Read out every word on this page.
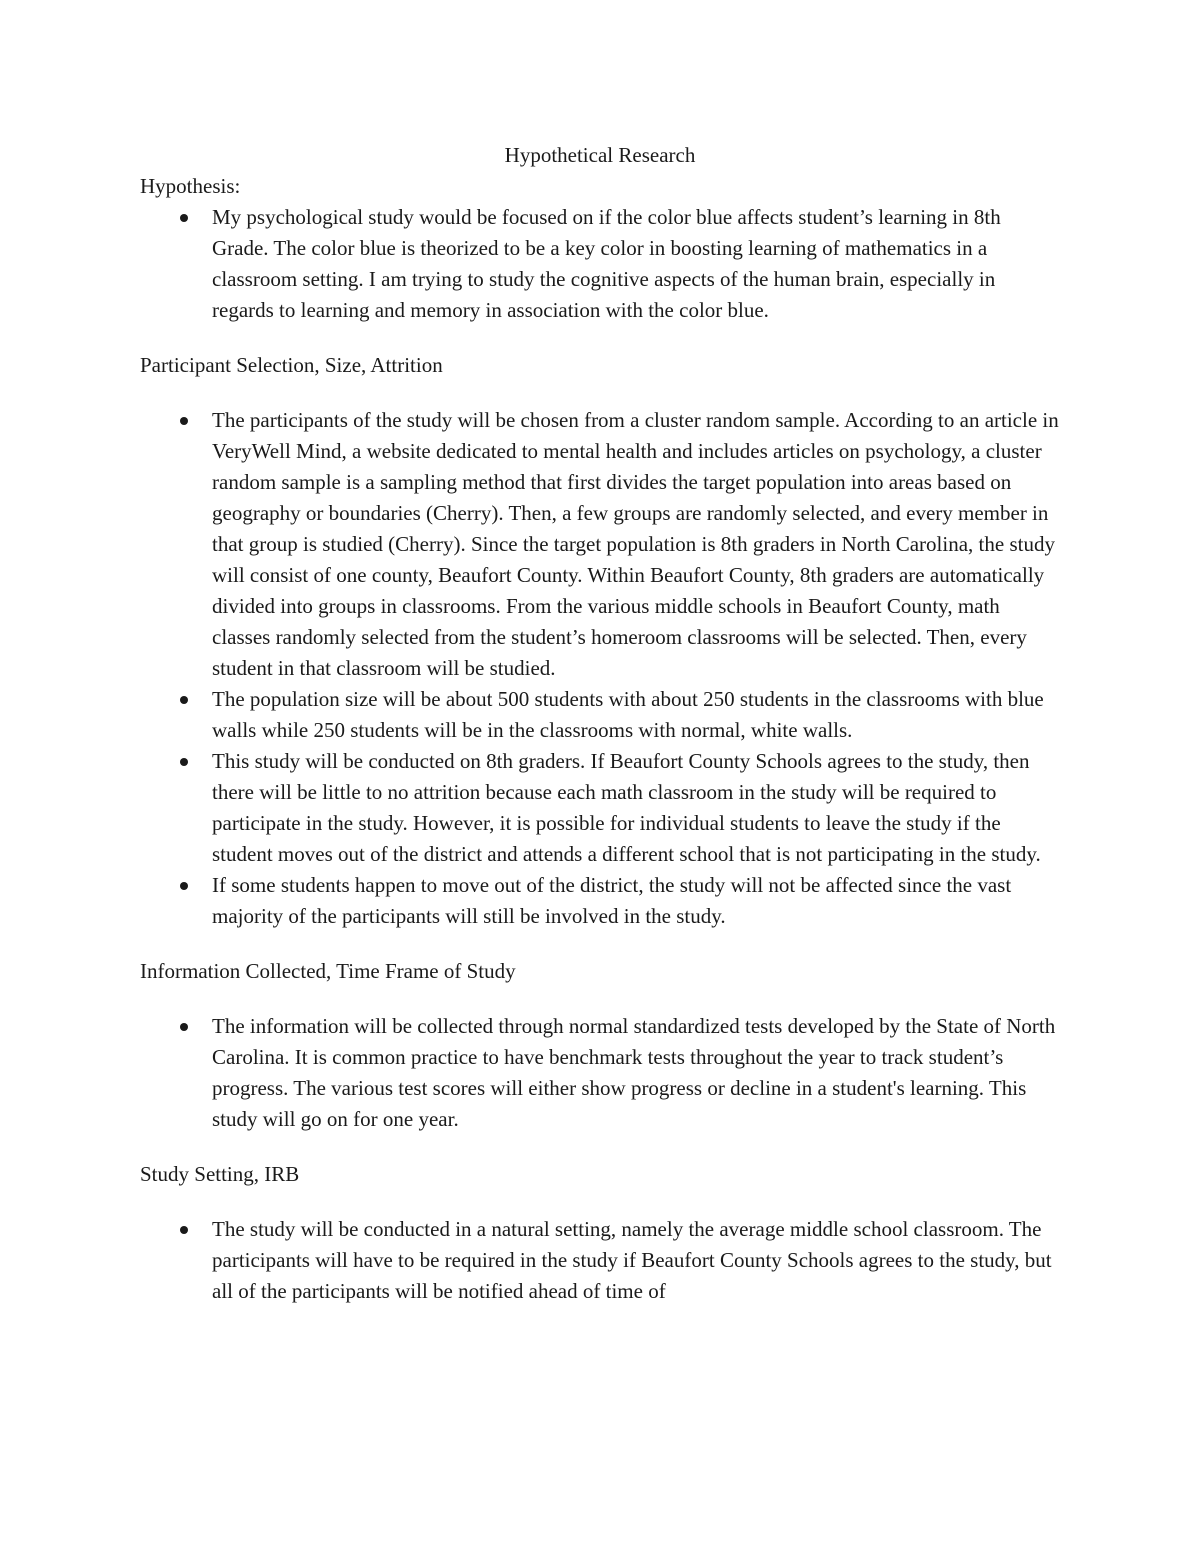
Hypothetical Research

Hypothesis:

My psychological study would be focused on if the color blue affects student’s learning in 8th Grade. The color blue is theorized to be a key color in boosting learning of mathematics in a classroom setting. I am trying to study the cognitive aspects of the human brain, especially in regards to learning and memory in association with the color blue.

Participant Selection, Size, Attrition

The participants of the study will be chosen from a cluster random sample. According to an article in VeryWell Mind, a website dedicated to mental health and includes articles on psychology, a cluster random sample is a sampling method that first divides the target population into areas based on geography or boundaries (Cherry). Then, a few groups are randomly selected, and every member in that group is studied (Cherry). Since the target population is 8th graders in North Carolina, the study will consist of one county, Beaufort County. Within Beaufort County, 8th graders are automatically divided into groups in classrooms. From the various middle schools in Beaufort County, math classes randomly selected from the student’s homeroom classrooms will be selected. Then, every student in that classroom will be studied.
The population size will be about 500 students with about 250 students in the classrooms with blue walls while 250 students will be in the classrooms with normal, white walls.
This study will be conducted on 8th graders. If Beaufort County Schools agrees to the study, then there will be little to no attrition because each math classroom in the study will be required to participate in the study. However, it is possible for individual students to leave the study if the student moves out of the district and attends a different school that is not participating in the study.
If some students happen to move out of the district, the study will not be affected since the vast majority of the participants will still be involved in the study.

Information Collected, Time Frame of Study

The information will be collected through normal standardized tests developed by the State of North Carolina. It is common practice to have benchmark tests throughout the year to track student’s progress. The various test scores will either show progress or decline in a student's learning. This study will go on for one year.

Study Setting, IRB

The study will be conducted in a natural setting, namely the average middle school classroom. The participants will have to be required in the study if Beaufort County Schools agrees to the study, but all of the participants will be notified ahead of time of
